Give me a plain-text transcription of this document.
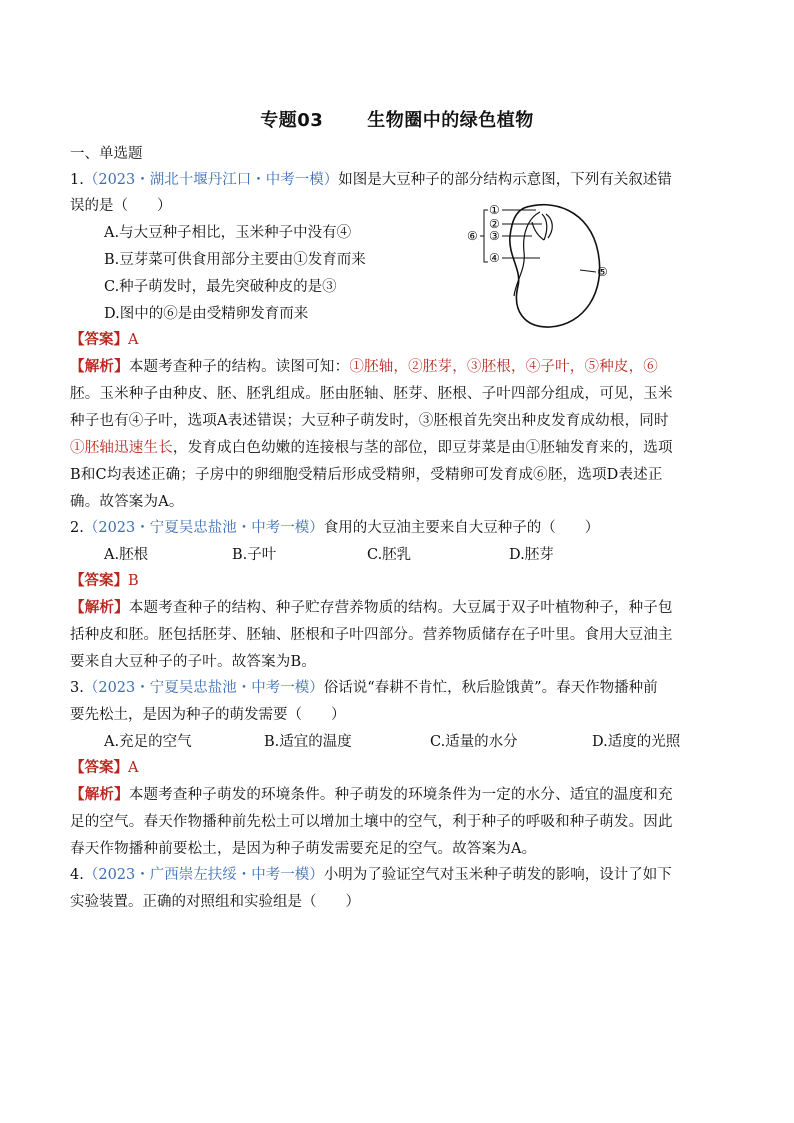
专题03 生物圈中的绿色植物
一、单选题
1.（2023・湖北十堰丹江口・中考一模）如图是大豆种子的部分结构示意图，下列有关叙述错
误的是（　　）
A.与大豆种子相比，玉米种子中没有④
B.豆芽菜可供食用部分主要由①发育而来
C.种子萌发时，最先突破种皮的是③
D.图中的⑥是由受精卵发育而来
①
②
③
④
⑤
⑥
【答案】A
【解析】本题考查种子的结构。读图可知：①胚轴，②胚芽，③胚根，④子叶，⑤种皮，⑥
胚。玉米种子由种皮、胚、胚乳组成。胚由胚轴、胚芽、胚根、子叶四部分组成，可见，玉米
种子也有④子叶，选项A表述错误；大豆种子萌发时，③胚根首先突出种皮发育成幼根，同时
①胚轴迅速生长，发育成白色幼嫩的连接根与茎的部位，即豆芽菜是由①胚轴发育来的，选项
B和C均表述正确；子房中的卵细胞受精后形成受精卵，受精卵可发育成⑥胚，选项D表述正
确。故答案为A。
2.（2023・宁夏吴忠盐池・中考一模）食用的大豆油主要来自大豆种子的（　　）
A.胚根	B.子叶	C.胚乳	D.胚芽
【答案】B
【解析】本题考查种子的结构、种子贮存营养物质的结构。大豆属于双子叶植物种子，种子包
括种皮和胚。胚包括胚芽、胚轴、胚根和子叶四部分。营养物质储存在子叶里。食用大豆油主
要来自大豆种子的子叶。故答案为B。
3.（2023・宁夏吴忠盐池・中考一模）俗话说“春耕不肯忙，秋后脸饿黄”。春天作物播种前
要先松土，是因为种子的萌发需要（　　）
A.充足的空气	B.适宜的温度	C.适量的水分	D.适度的光照
【答案】A
【解析】本题考查种子萌发的环境条件。种子萌发的环境条件为一定的水分、适宜的温度和充
足的空气。春天作物播种前先松土可以增加土壤中的空气，利于种子的呼吸和种子萌发。因此
春天作物播种前要松土，是因为种子萌发需要充足的空气。故答案为A。
4.（2023・广西崇左扶绥・中考一模）小明为了验证空气对玉米种子萌发的影响，设计了如下
实验装置。正确的对照组和实验组是（　　）
